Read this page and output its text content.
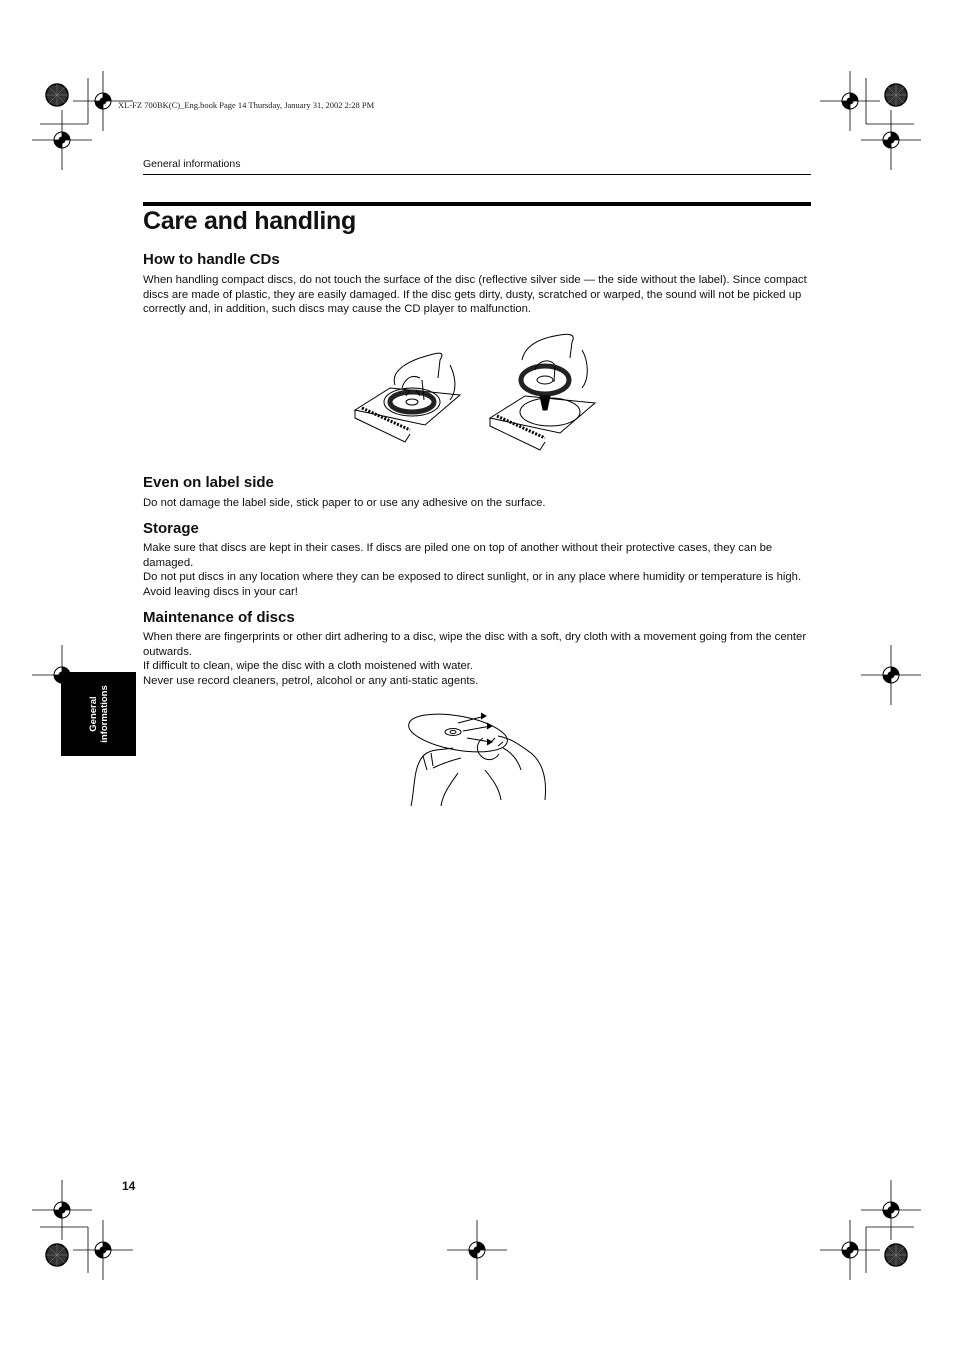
XL-FZ 700BK(C)_Eng.book Page 14 Thursday, January 31, 2002 2:28 PM
General informations
Care and handling
How to handle CDs

When handling compact discs, do not touch the surface of the disc (reflective silver side — the side without the label). Since compact discs are made of plastic, they are easily damaged. If the disc gets dirty, dusty, scratched or warped, the sound will not be picked up correctly and, in addition, such discs may cause the CD player to malfunction.

Even on label side

Do not damage the label side, stick paper to or use any adhesive on the surface.

Storage

Make sure that discs are kept in their cases. If discs are piled one on top of another without their protective cases, they can be damaged.

Do not put discs in any location where they can be exposed to direct sunlight, or in any place where humidity or temperature is high. Avoid leaving discs in your car!

Maintenance of discs

When there are fingerprints or other dirt adhering to a disc, wipe the disc with a soft, dry cloth with a movement going from the center outwards.

If difficult to clean, wipe the disc with a cloth moistened with water.

Never use record cleaners, petrol, alcohol or any anti-static agents.

General informations
14
